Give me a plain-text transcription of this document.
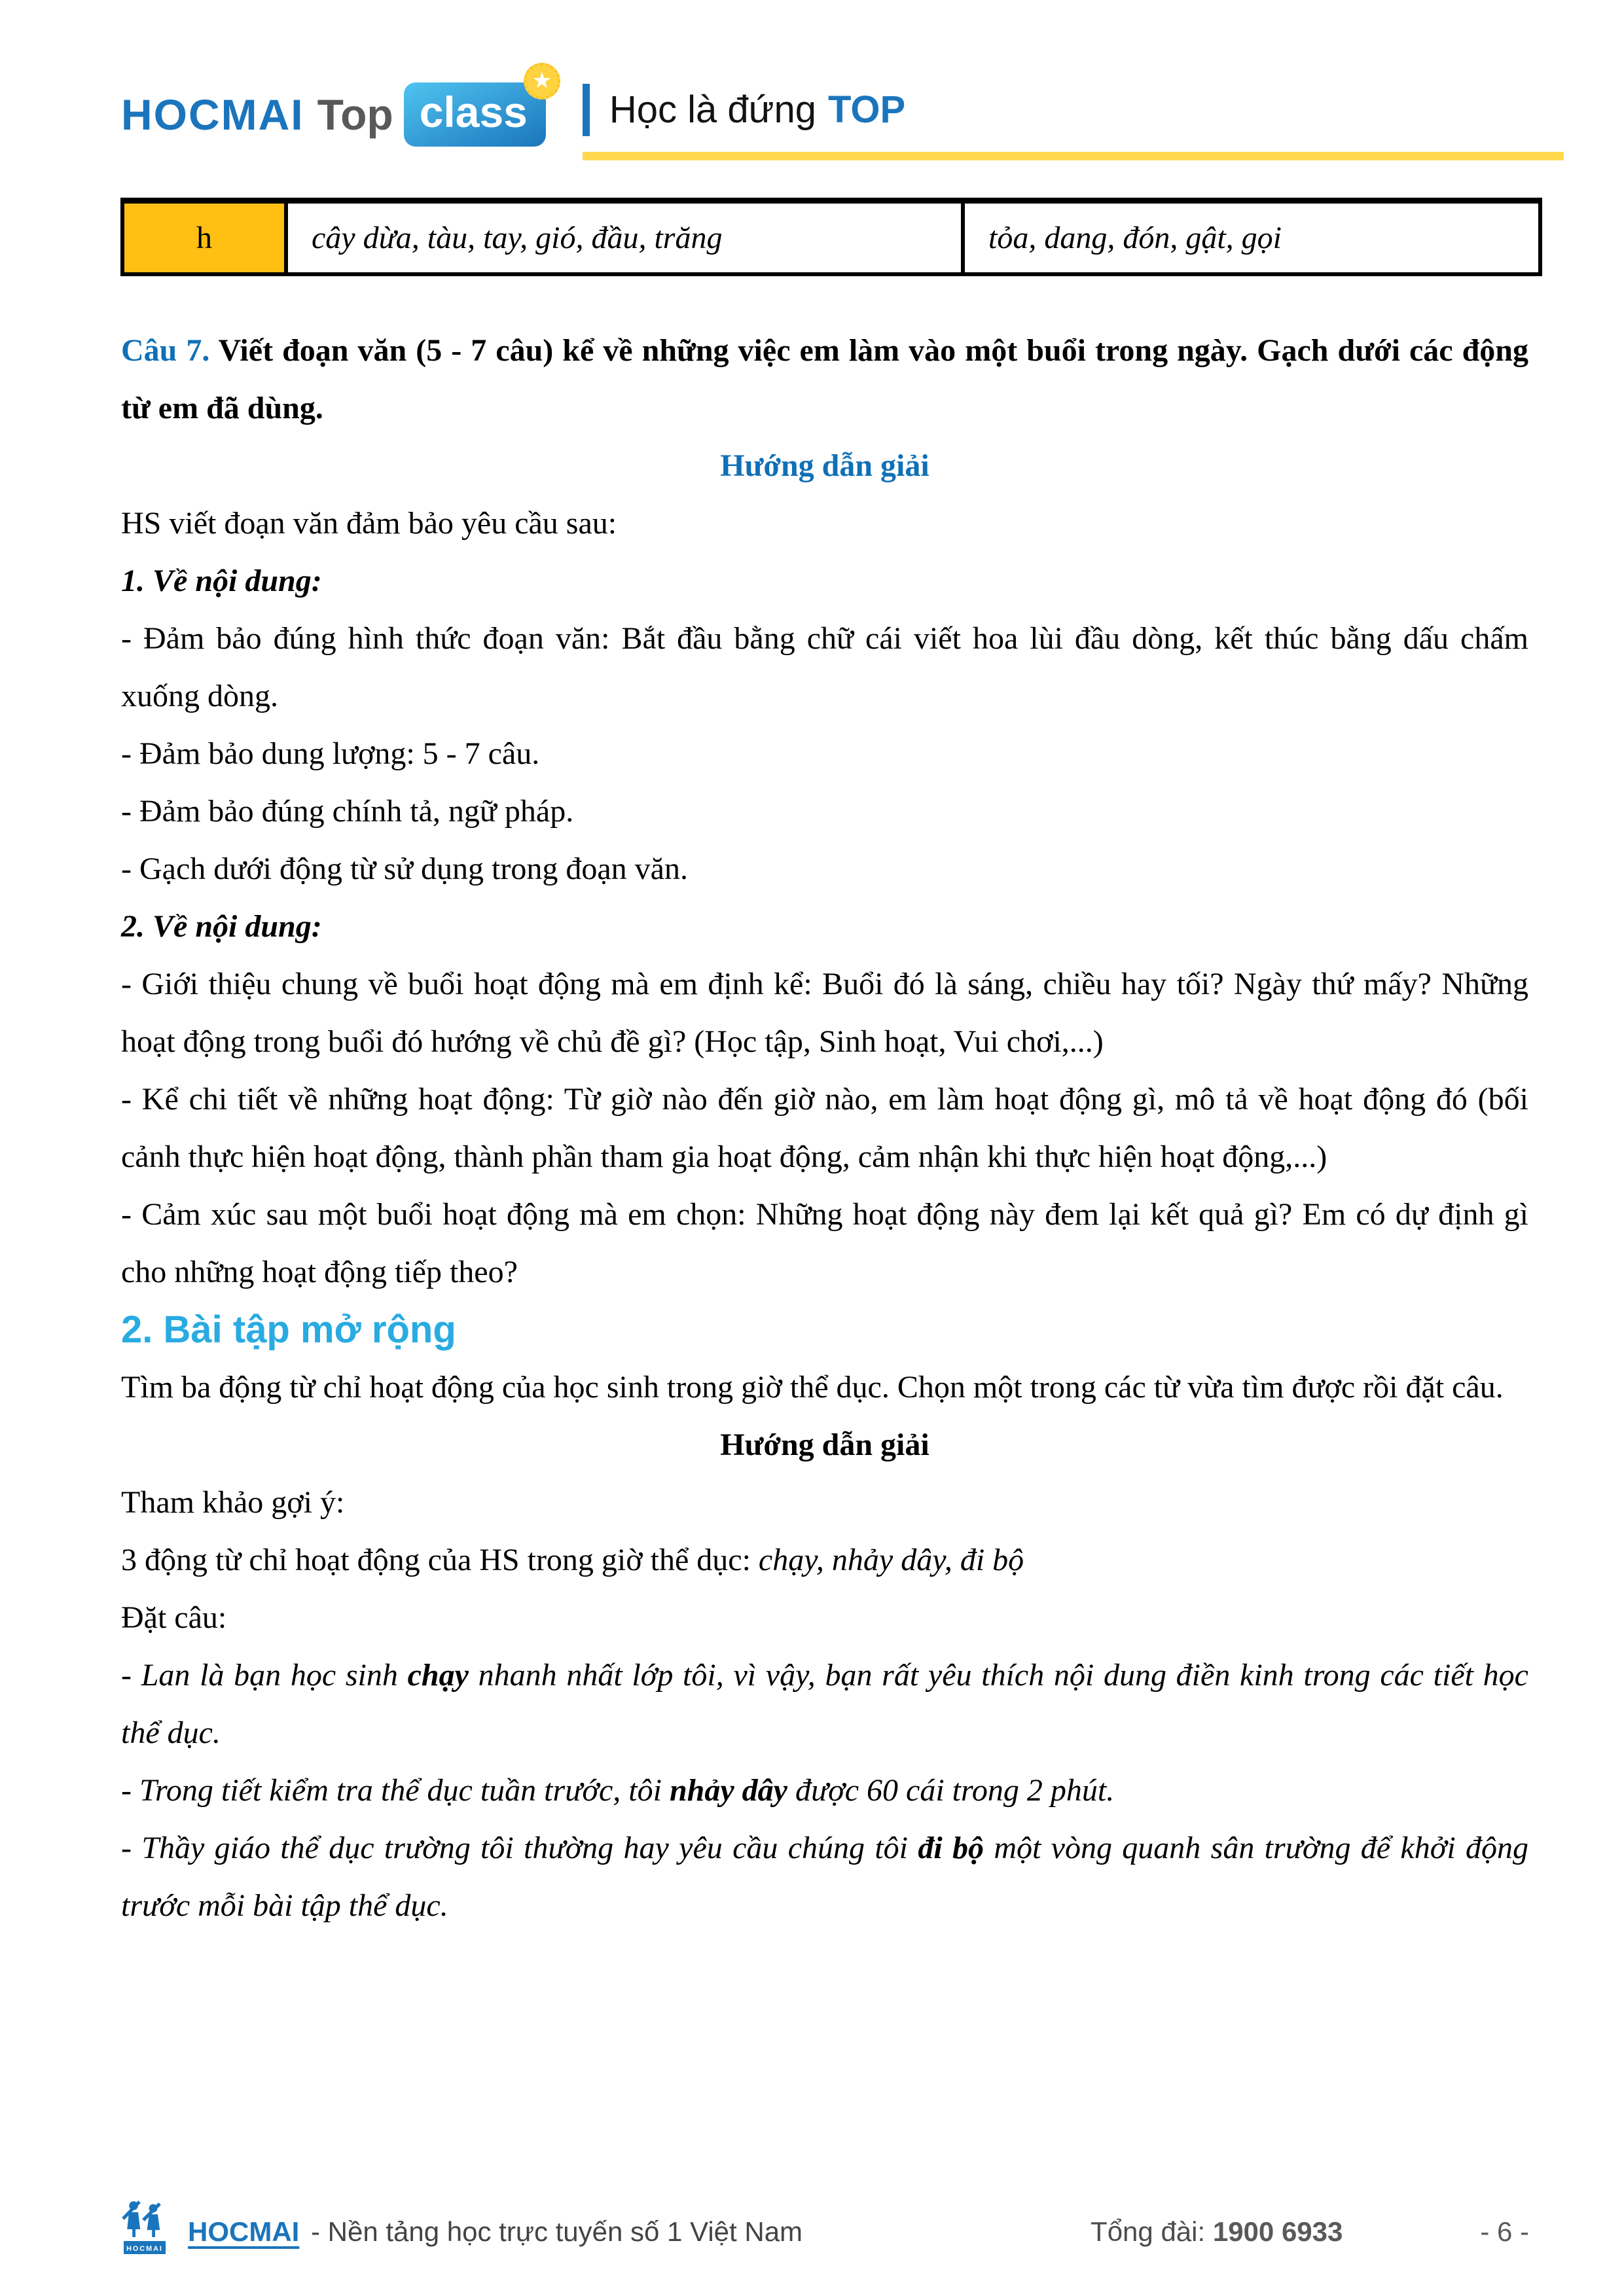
HOCMAI Top class
★
Học là đứng TOP
h	cây dừa, tàu, tay, gió, đầu, trăng	tỏa, dang, đón, gật, gọi
Câu 7. Viết đoạn văn (5 - 7 câu) kể về những việc em làm vào một buổi trong ngày. Gạch dưới các động từ em đã dùng.
Hướng dẫn giải
HS viết đoạn văn đảm bảo yêu cầu sau:
1. Về nội dung:
- Đảm bảo đúng hình thức đoạn văn: Bắt đầu bằng chữ cái viết hoa lùi đầu dòng, kết thúc bằng dấu chấm xuống dòng.
- Đảm bảo dung lượng: 5 - 7 câu.
- Đảm bảo đúng chính tả, ngữ pháp.
- Gạch dưới động từ sử dụng trong đoạn văn.
2. Về nội dung:
- Giới thiệu chung về buổi hoạt động mà em định kể: Buổi đó là sáng, chiều hay tối? Ngày thứ mấy? Những hoạt động trong buổi đó hướng về chủ đề gì? (Học tập, Sinh hoạt, Vui chơi,...)
- Kể chi tiết về những hoạt động: Từ giờ nào đến giờ nào, em làm hoạt động gì, mô tả về hoạt động đó (bối cảnh thực hiện hoạt động, thành phần tham gia hoạt động, cảm nhận khi thực hiện hoạt động,...)
- Cảm xúc sau một buổi hoạt động mà em chọn: Những hoạt động này đem lại kết quả gì? Em có dự định gì cho những hoạt động tiếp theo?
2. Bài tập mở rộng
Tìm ba động từ chỉ hoạt động của học sinh trong giờ thể dục. Chọn một trong các từ vừa tìm được rồi đặt câu.
Hướng dẫn giải
Tham khảo gợi ý:
3 động từ chỉ hoạt động của HS trong giờ thể dục: chạy, nhảy dây, đi bộ
Đặt câu:
- Lan là bạn học sinh chạy nhanh nhất lớp tôi, vì vậy, bạn rất yêu thích nội dung điền kinh trong các tiết học thể dục.
- Trong tiết kiểm tra thể dục tuần trước, tôi nhảy dây được 60 cái trong 2 phút.
- Thầy giáo thể dục trường tôi thường hay yêu cầu chúng tôi đi bộ một vòng quanh sân trường để khởi động trước mỗi bài tập thể dục.
HOCMAI
HOCMAI - Nền tảng học trực tuyến số 1 Việt Nam	Tổng đài: 1900 6933	- 6 -
